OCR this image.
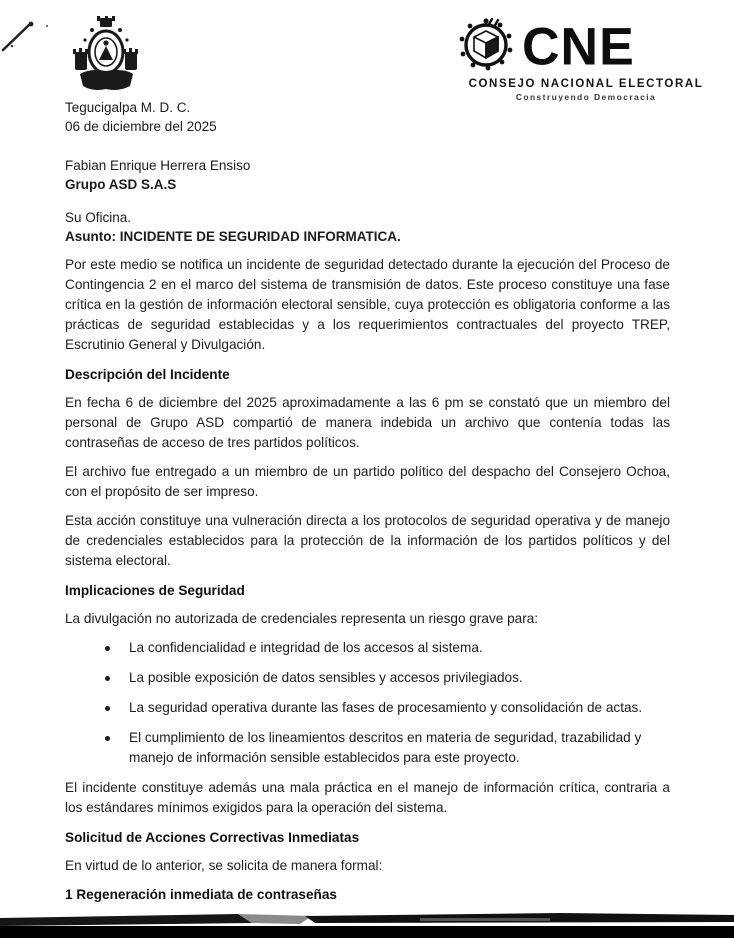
CNE
CONSEJO NACIONAL ELECTORAL
Construyendo Democracia
Tegucigalpa M. D. C.
06 de diciembre del 2025
Fabian Enrique Herrera Ensiso
Grupo ASD S.A.S
Su Oficina.
Asunto: INCIDENTE DE SEGURIDAD INFORMATICA.

Por este medio se notifica un incidente de seguridad detectado durante la ejecución del Proceso de Contingencia 2 en el marco del sistema de transmisión de datos. Este proceso constituye una fase crítica en la gestión de información electoral sensible, cuya protección es obligatoria conforme a las prácticas de seguridad establecidas y a los requerimientos contractuales del proyecto TREP, Escrutinio General y Divulgación.

Descripción del Incidente

En fecha 6 de diciembre del 2025 aproximadamente a las 6 pm se constató que un miembro del personal de Grupo ASD compartió de manera indebida un archivo que contenía todas las contraseñas de acceso de tres partidos políticos.

El archivo fue entregado a un miembro de un partido político del despacho del Consejero Ochoa, con el propósito de ser impreso.

Esta acción constituye una vulneración directa a los protocolos de seguridad operativa y de manejo de credenciales establecidos para la protección de la información de los partidos políticos y del sistema electoral.

Implicaciones de Seguridad

La divulgación no autorizada de credenciales representa un riesgo grave para:

La confidencialidad e integridad de los accesos al sistema.
La posible exposición de datos sensibles y accesos privilegiados.
La seguridad operativa durante las fases de procesamiento y consolidación de actas.
El cumplimiento de los lineamientos descritos en materia de seguridad, trazabilidad y manejo de información sensible establecidos para este proyecto.

El incidente constituye además una mala práctica en el manejo de información crítica, contraria a los estándares mínimos exigidos para la operación del sistema.

Solicitud de Acciones Correctivas Inmediatas

En virtud de lo anterior, se solicita de manera formal:

1 Regeneración inmediata de contraseñas
